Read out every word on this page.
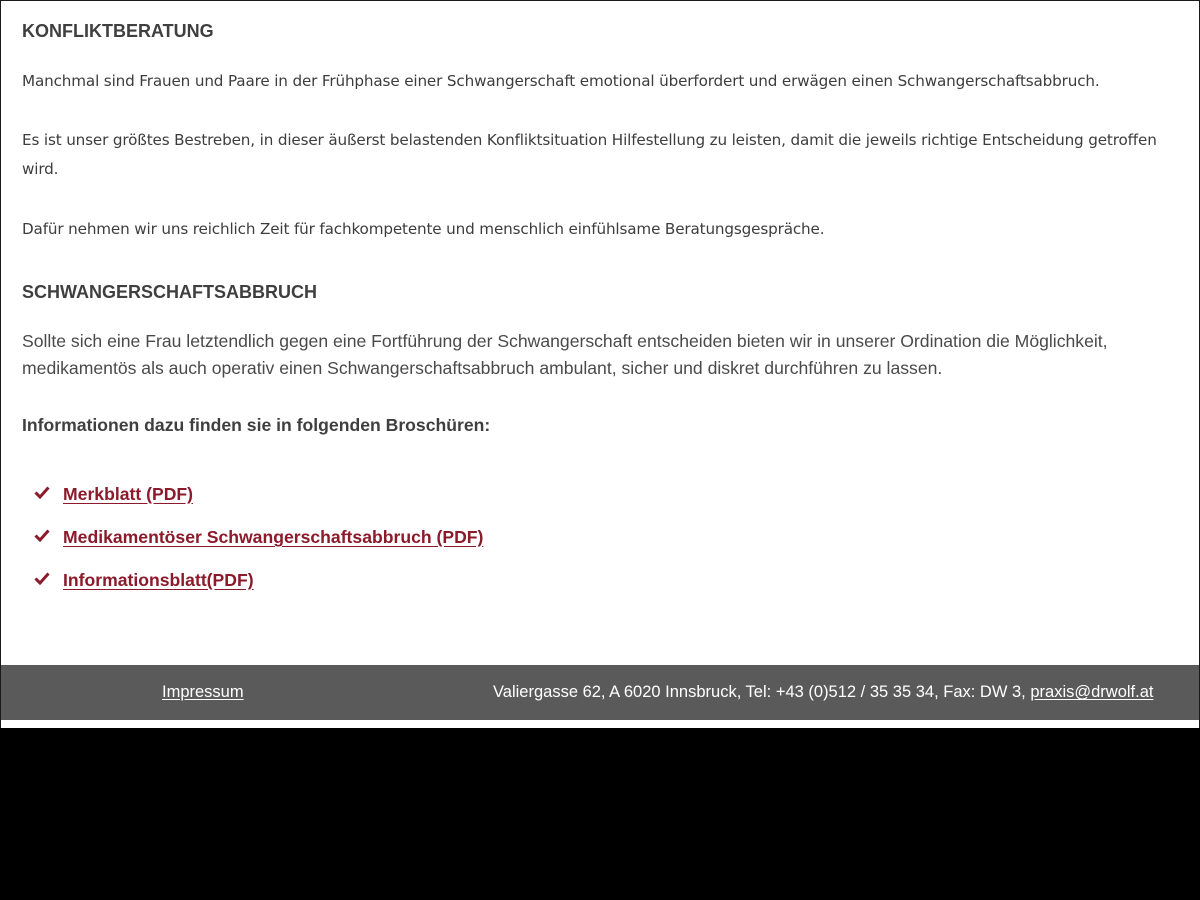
KONFLIKTBERATUNG

Manchmal sind Frauen und Paare in der Frühphase einer Schwangerschaft emotional überfordert und erwägen einen Schwangerschaftsabbruch.

Es ist unser größtes Bestreben, in dieser äußerst belastenden Konfliktsituation Hilfestellung zu leisten, damit die jeweils richtige Entscheidung getroffen wird.

Dafür nehmen wir uns reichlich Zeit für fachkompetente und menschlich einfühlsame Beratungsgespräche.

SCHWANGERSCHAFTSABBRUCH

Sollte sich eine Frau letztendlich gegen eine Fortführung der Schwangerschaft entscheiden bieten wir in unserer Ordination die Möglichkeit, medikamentös als auch operativ einen Schwangerschaftsabbruch ambulant, sicher und diskret durchführen zu lassen.

Informationen dazu finden sie in folgenden Broschüren:
Merkblatt (PDF)
Medikamentöser Schwangerschaftsabbruch (PDF)
Informationsblatt(PDF)
Impressum	Valiergasse 62, A 6020 Innsbruck, Tel: +43 (0)512 / 35 35 34, Fax: DW 3, praxis@drwolf.at
